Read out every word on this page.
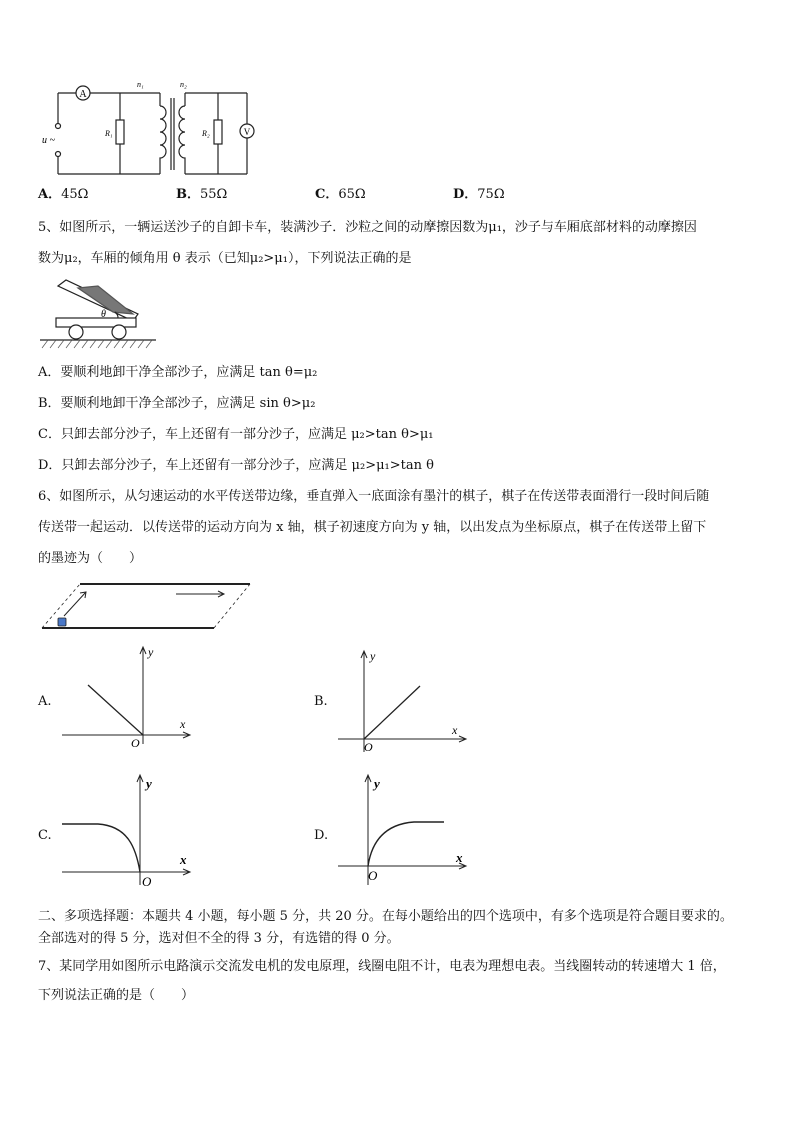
A
V
u ~
n₁	n₂
R₁	R₂
A．45Ω	B．55Ω	C．65Ω	D．75Ω
5、如图所示，一辆运送沙子的自卸卡车，装满沙子．沙粒之间的动摩擦因数为μ₁，沙子与车厢底部材料的动摩擦因
数为μ₂，车厢的倾角用 θ 表示（已知μ₂>μ₁），下列说法正确的是
θ
A．要顺利地卸干净全部沙子，应满足 tan θ=μ₂
B．要顺利地卸干净全部沙子，应满足 sin θ>μ₂
C．只卸去部分沙子，车上还留有一部分沙子，应满足 μ₂>tan θ>μ₁
D．只卸去部分沙子，车上还留有一部分沙子，应满足 μ₂>μ₁>tan θ
6、如图所示，从匀速运动的水平传送带边缘，垂直弹入一底面涂有墨汁的棋子，棋子在传送带表面滑行一段时间后随
传送带一起运动．以传送带的运动方向为 x 轴，棋子初速度方向为 y 轴，以出发点为坐标原点，棋子在传送带上留下
的墨迹为（　　）
A.
y
x
O
B.
y
x
O
C.
y
x
O
D.
y
x
O
二、多项选择题：本题共 4 小题，每小题 5 分，共 20 分。在每小题给出的四个选项中，有多个选项是符合题目要求的。
全部选对的得 5 分，选对但不全的得 3 分，有选错的得 0 分。
7、某同学用如图所示电路演示交流发电机的发电原理，线圈电阻不计，电表为理想电表。当线圈转动的转速增大 1 倍，
下列说法正确的是（　　）
